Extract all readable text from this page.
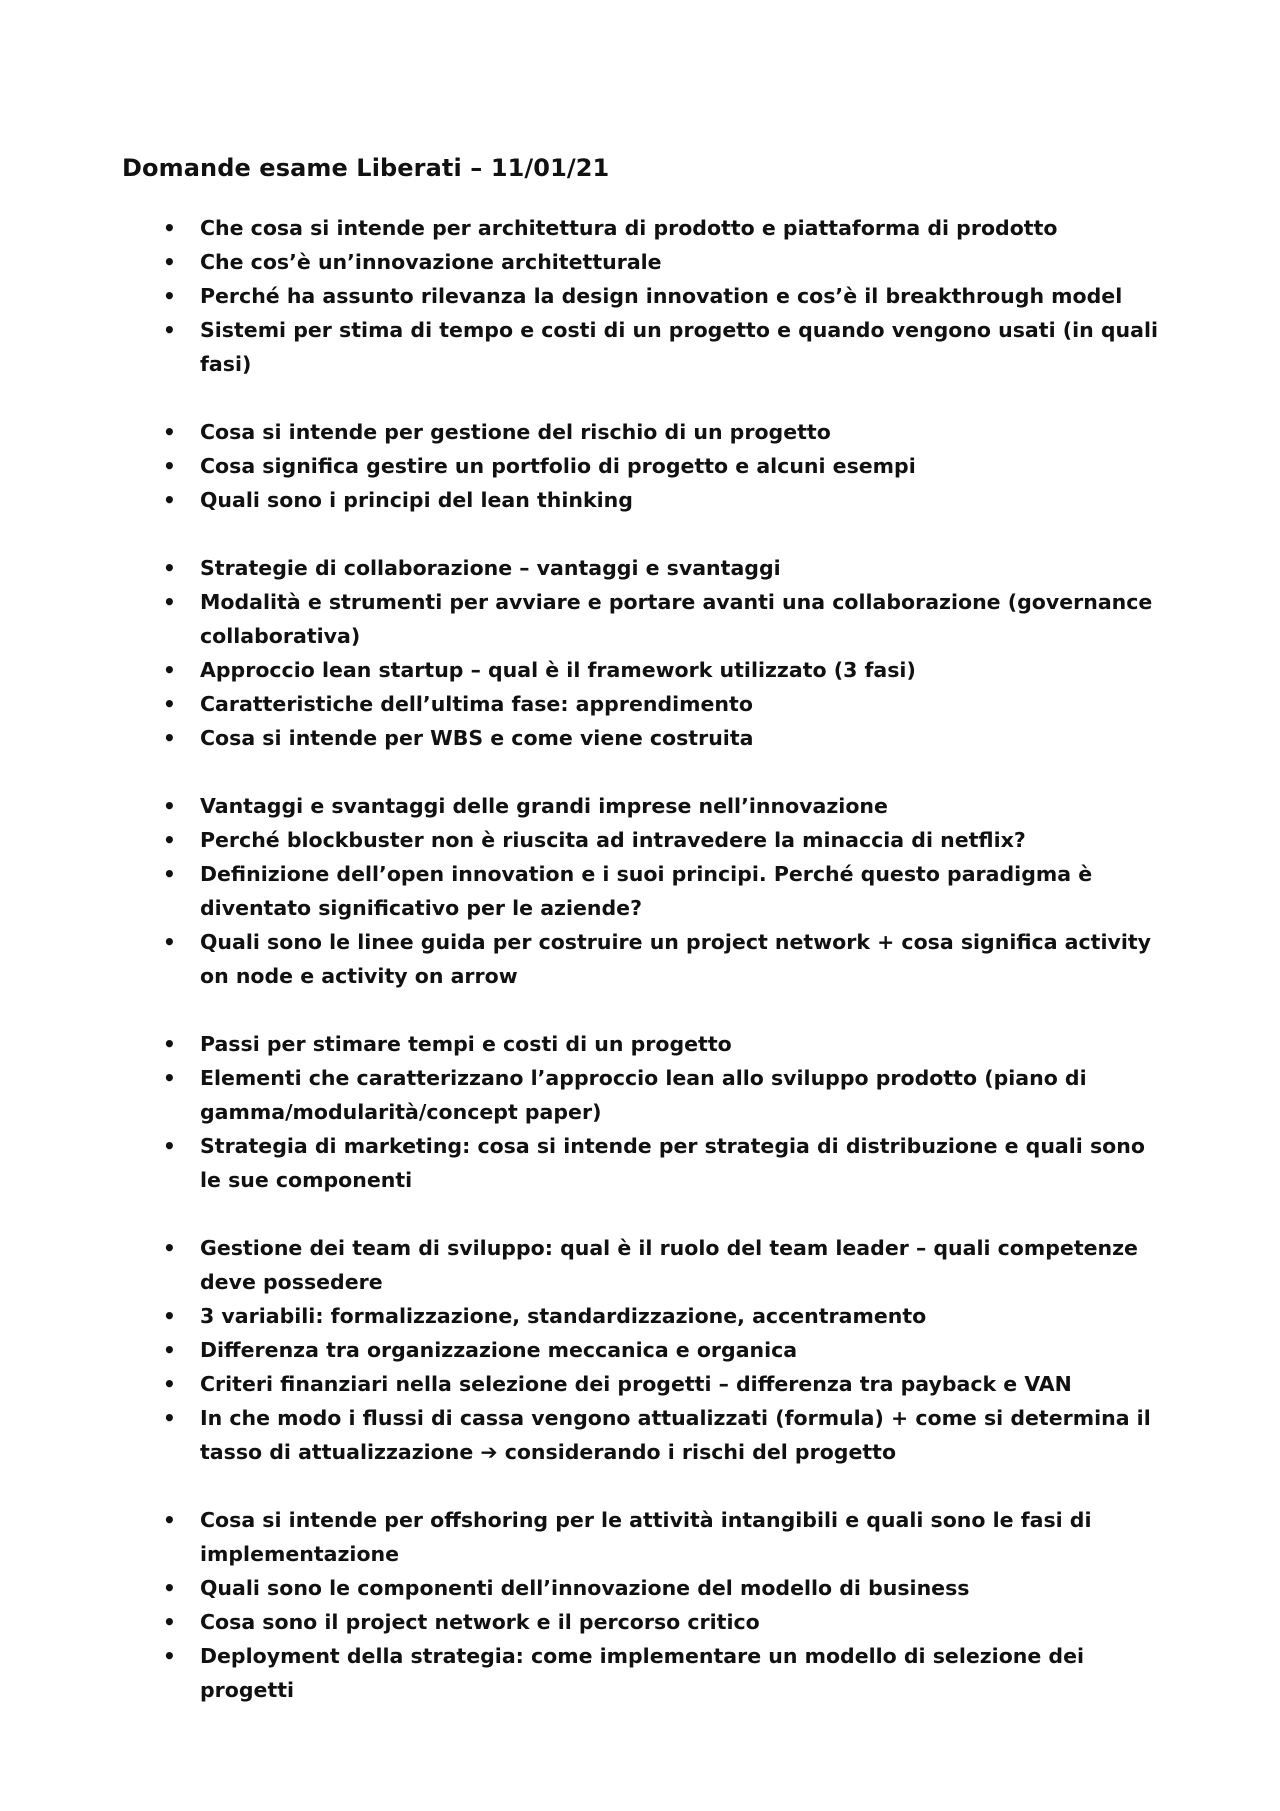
Domande esame Liberati – 11/01/21
• Che cosa si intende per architettura di prodotto e piattaforma di prodotto
• Che cos’è un’innovazione architetturale
• Perché ha assunto rilevanza la design innovation e cos’è il breakthrough model
• Sistemi per stima di tempo e costi di un progetto e quando vengono usati (in quali fasi)
• Cosa si intende per gestione del rischio di un progetto
• Cosa significa gestire un portfolio di progetto e alcuni esempi
• Quali sono i principi del lean thinking
• Strategie di collaborazione – vantaggi e svantaggi
• Modalità e strumenti per avviare e portare avanti una collaborazione (governance collaborativa)
• Approccio lean startup – qual è il framework utilizzato (3 fasi)
• Caratteristiche dell’ultima fase: apprendimento
• Cosa si intende per WBS e come viene costruita
• Vantaggi e svantaggi delle grandi imprese nell’innovazione
• Perché blockbuster non è riuscita ad intravedere la minaccia di netflix?
• Definizione dell’open innovation e i suoi principi. Perché questo paradigma è diventato significativo per le aziende?
• Quali sono le linee guida per costruire un project network + cosa significa activity on node e activity on arrow
• Passi per stimare tempi e costi di un progetto
• Elementi che caratterizzano l’approccio lean allo sviluppo prodotto (piano di gamma/modularità/concept paper)
• Strategia di marketing: cosa si intende per strategia di distribuzione e quali sono le sue componenti
• Gestione dei team di sviluppo: qual è il ruolo del team leader – quali competenze deve possedere
• 3 variabili: formalizzazione, standardizzazione, accentramento
• Differenza tra organizzazione meccanica e organica
• Criteri finanziari nella selezione dei progetti – differenza tra payback e VAN
• In che modo i flussi di cassa vengono attualizzati (formula) + come si determina il tasso di attualizzazione ➔ considerando i rischi del progetto
• Cosa si intende per offshoring per le attività intangibili e quali sono le fasi di implementazione
• Quali sono le componenti dell’innovazione del modello di business
• Cosa sono il project network e il percorso critico
• Deployment della strategia: come implementare un modello di selezione dei progetti
